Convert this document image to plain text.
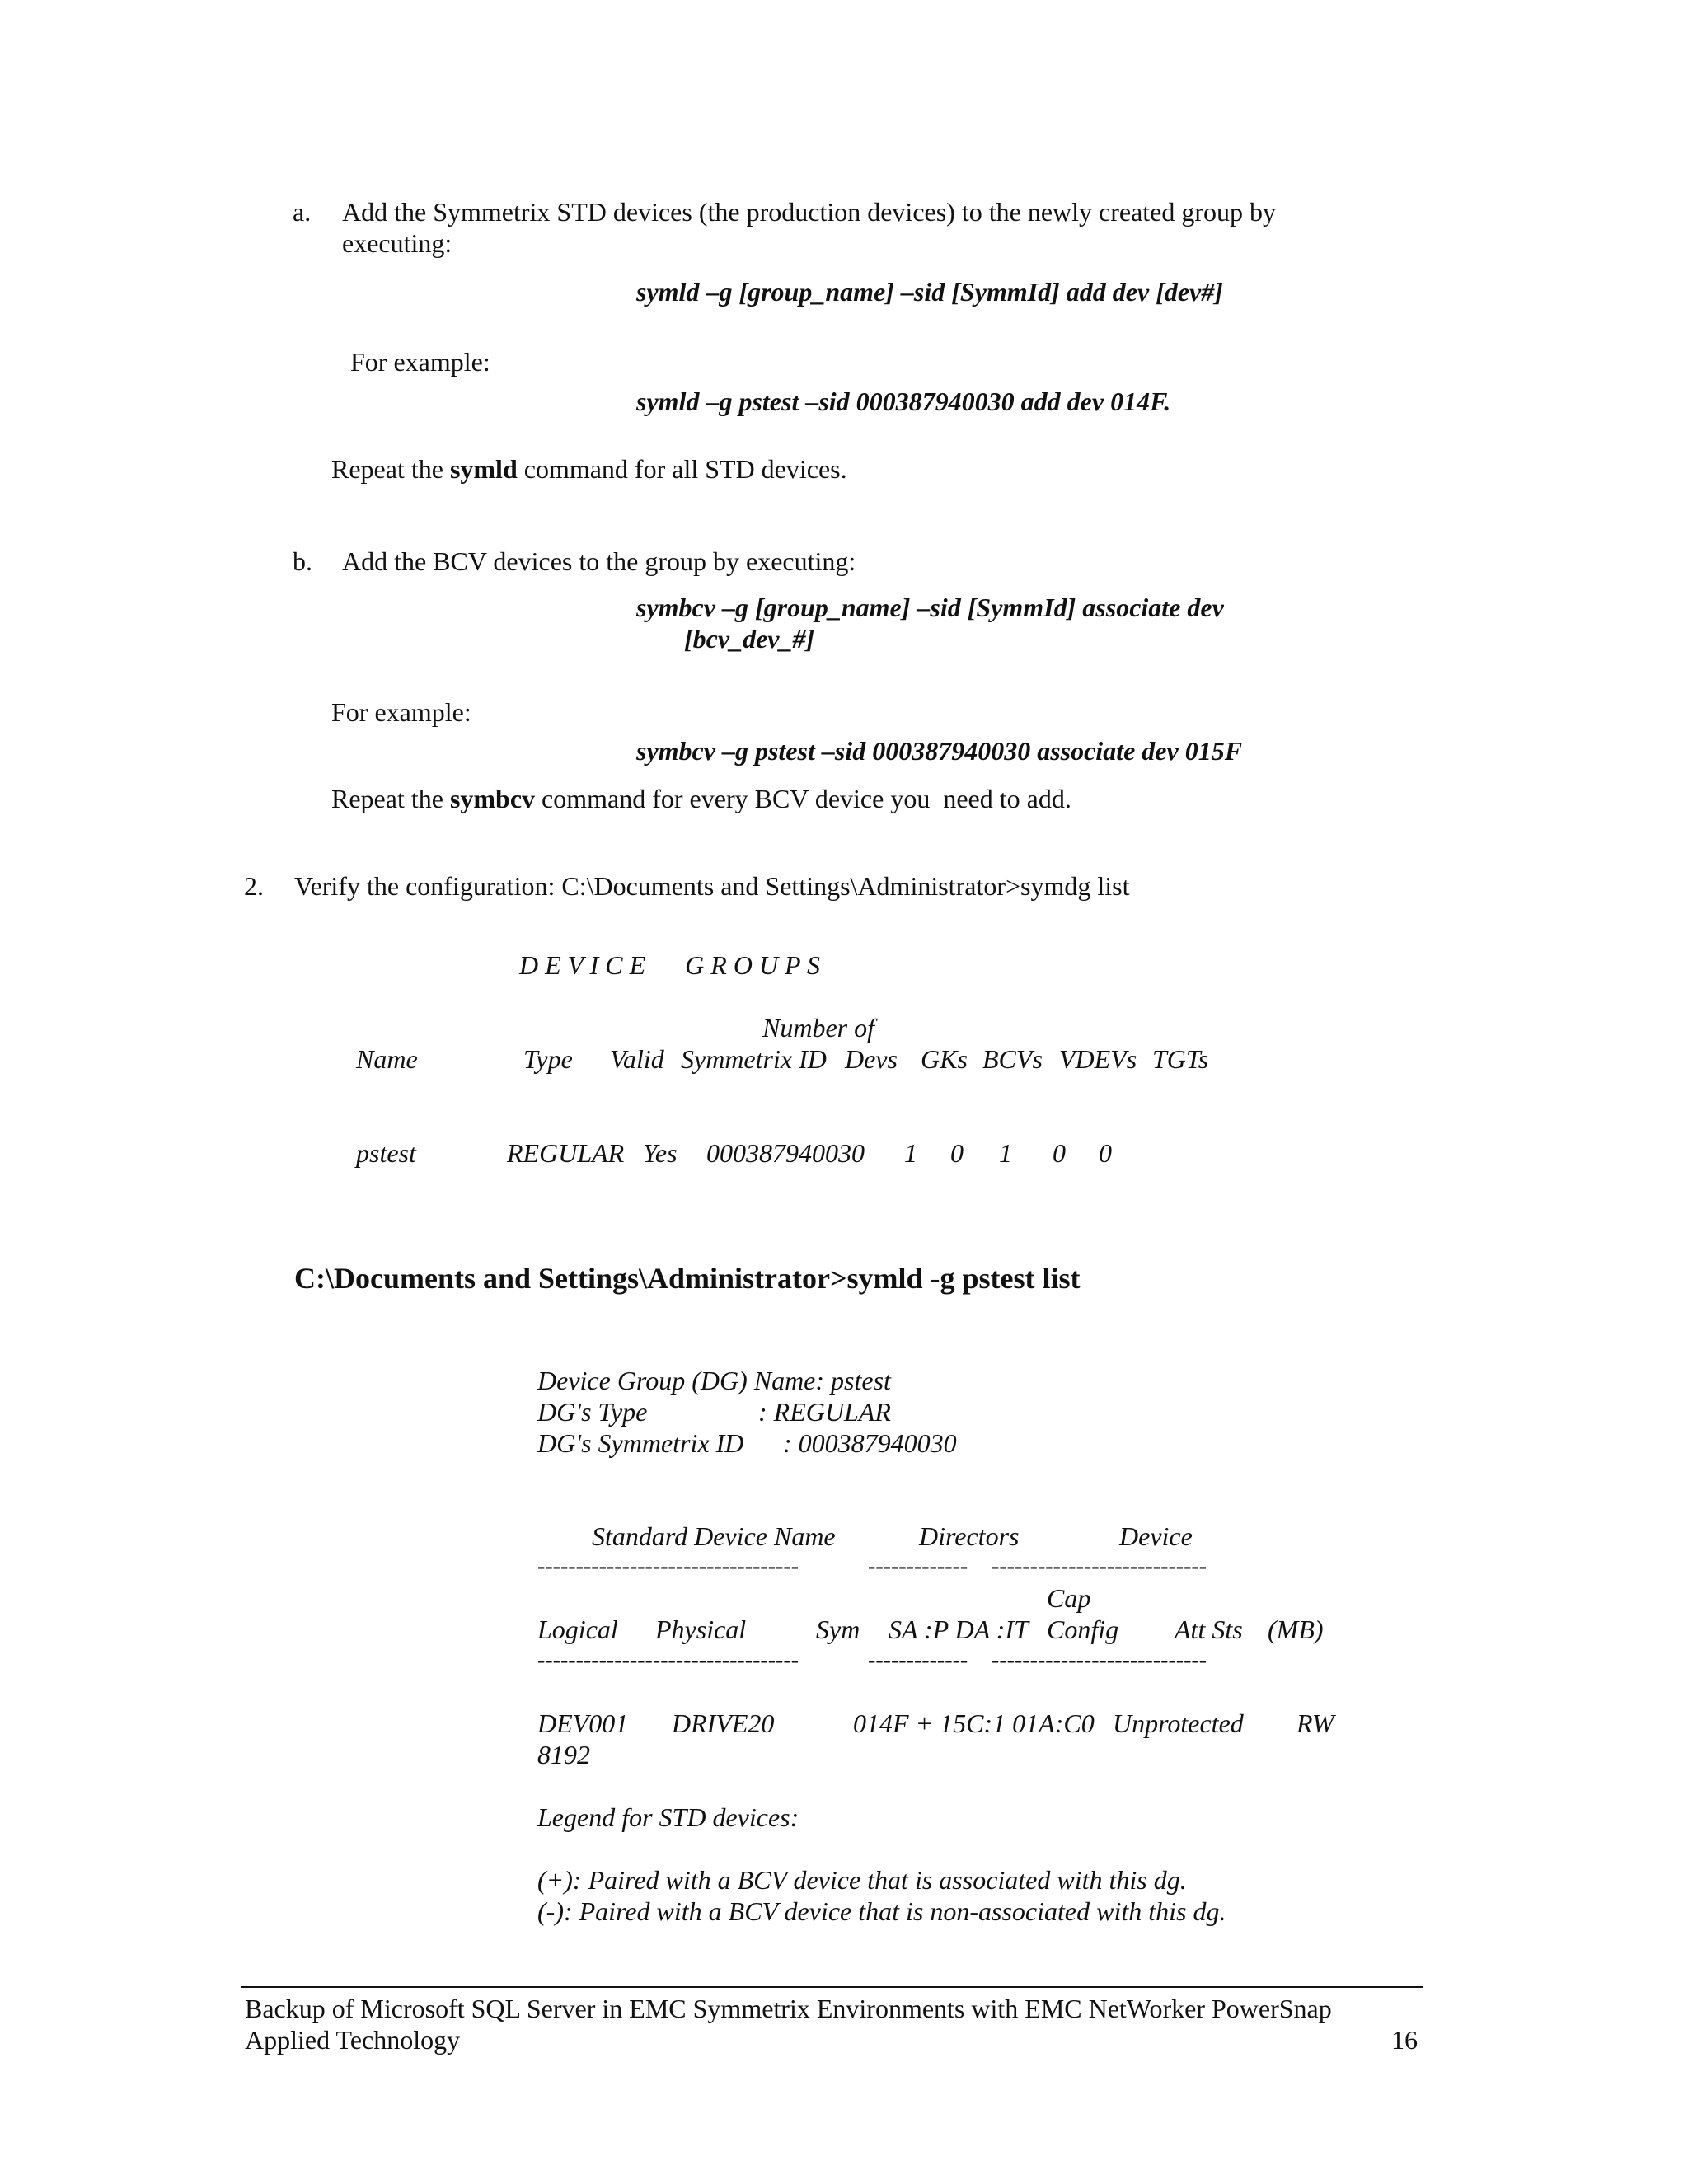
a. Add the Symmetrix STD devices (the production devices) to the newly created group by
executing:
symld –g [group_name] –sid [SymmId] add dev [dev#]
For example:
symld –g pstest –sid 000387940030 add dev 014F.
Repeat the symld command for all STD devices.
b. Add the BCV devices to the group by executing:
symbcv –g [group_name] –sid [SymmId] associate dev
[bcv_dev_#]
For example:
symbcv –g pstest –sid 000387940030 associate dev 015F
Repeat the symbcv command for every BCV device you  need to add.
2. Verify the configuration: C:\Documents and Settings\Administrator>symdg list
D E V I C E      G R O U P S
Number of
Name	Type Valid Symmetrix ID Devs GKs BCVs VDEVs TGTs
pstest	REGULAR Yes 000387940030 1 0 1 0 0
C:\Documents and Settings\Administrator>symld -g pstest list
Device Group (DG) Name: pstest
DG's Type	: REGULAR
DG's Symmetrix ID : 000387940030
Standard Device Name	Directors	Device
----------------------------------	------------- ----------------------------
Cap
Logical Physical	Sym SA :P DA :IT Config Att Sts (MB)
----------------------------------	------------- ----------------------------
DEV001 DRIVE20	014F + 15C:1 01A:C0 Unprotected RW
8192
Legend for STD devices:
(+): Paired with a BCV device that is associated with this dg.
(-): Paired with a BCV device that is non-associated with this dg.
Backup of Microsoft SQL Server in EMC Symmetrix Environments with EMC NetWorker PowerSnap
Applied Technology	16
